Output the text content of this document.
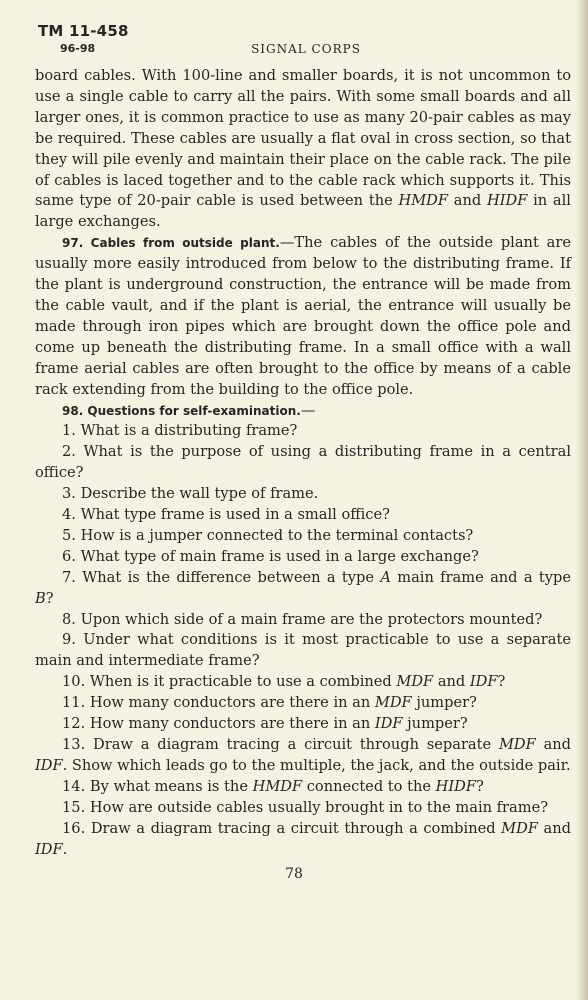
TM 11-458
96-98	SIGNAL CORPS

board cables. With 100-line and smaller boards, it is not uncommon to use a single cable to carry all the pairs. With some small boards and all larger ones, it is common practice to use as many 20-pair cables as may be required. These cables are usually a flat oval in cross section, so that they will pile evenly and maintain their place on the cable rack. The pile of cables is laced together and to the cable rack which supports it. This same type of 20-pair cable is used between the HMDF and HIDF in all large exchanges.

97. Cables from outside plant.—The cables of the outside plant are usually more easily introduced from below to the distributing frame. If the plant is underground construction, the entrance will be made from the cable vault, and if the plant is aerial, the entrance will usually be made through iron pipes which are brought down the office pole and come up beneath the distributing frame. In a small office with a wall frame aerial cables are often brought to the office by means of a cable rack extending from the building to the office pole.

98. Questions for self-examination.—

1. What is a distributing frame?

2. What is the purpose of using a distributing frame in a central office?

3. Describe the wall type of frame.

4. What type frame is used in a small office?

5. How is a jumper connected to the terminal contacts?

6. What type of main frame is used in a large exchange?

7. What is the difference between a type A main frame and a type B?

8. Upon which side of a main frame are the protectors mounted?

9. Under what conditions is it most practicable to use a separate main and intermediate frame?

10. When is it practicable to use a combined MDF and IDF?

11. How many conductors are there in an MDF jumper?

12. How many conductors are there in an IDF jumper?

13. Draw a diagram tracing a circuit through separate MDF and IDF. Show which leads go to the multiple, the jack, and the outside pair.

14. By what means is the HMDF connected to the HIDF?

15. How are outside cables usually brought in to the main frame?

16. Draw a diagram tracing a circuit through a combined MDF and IDF.

78
